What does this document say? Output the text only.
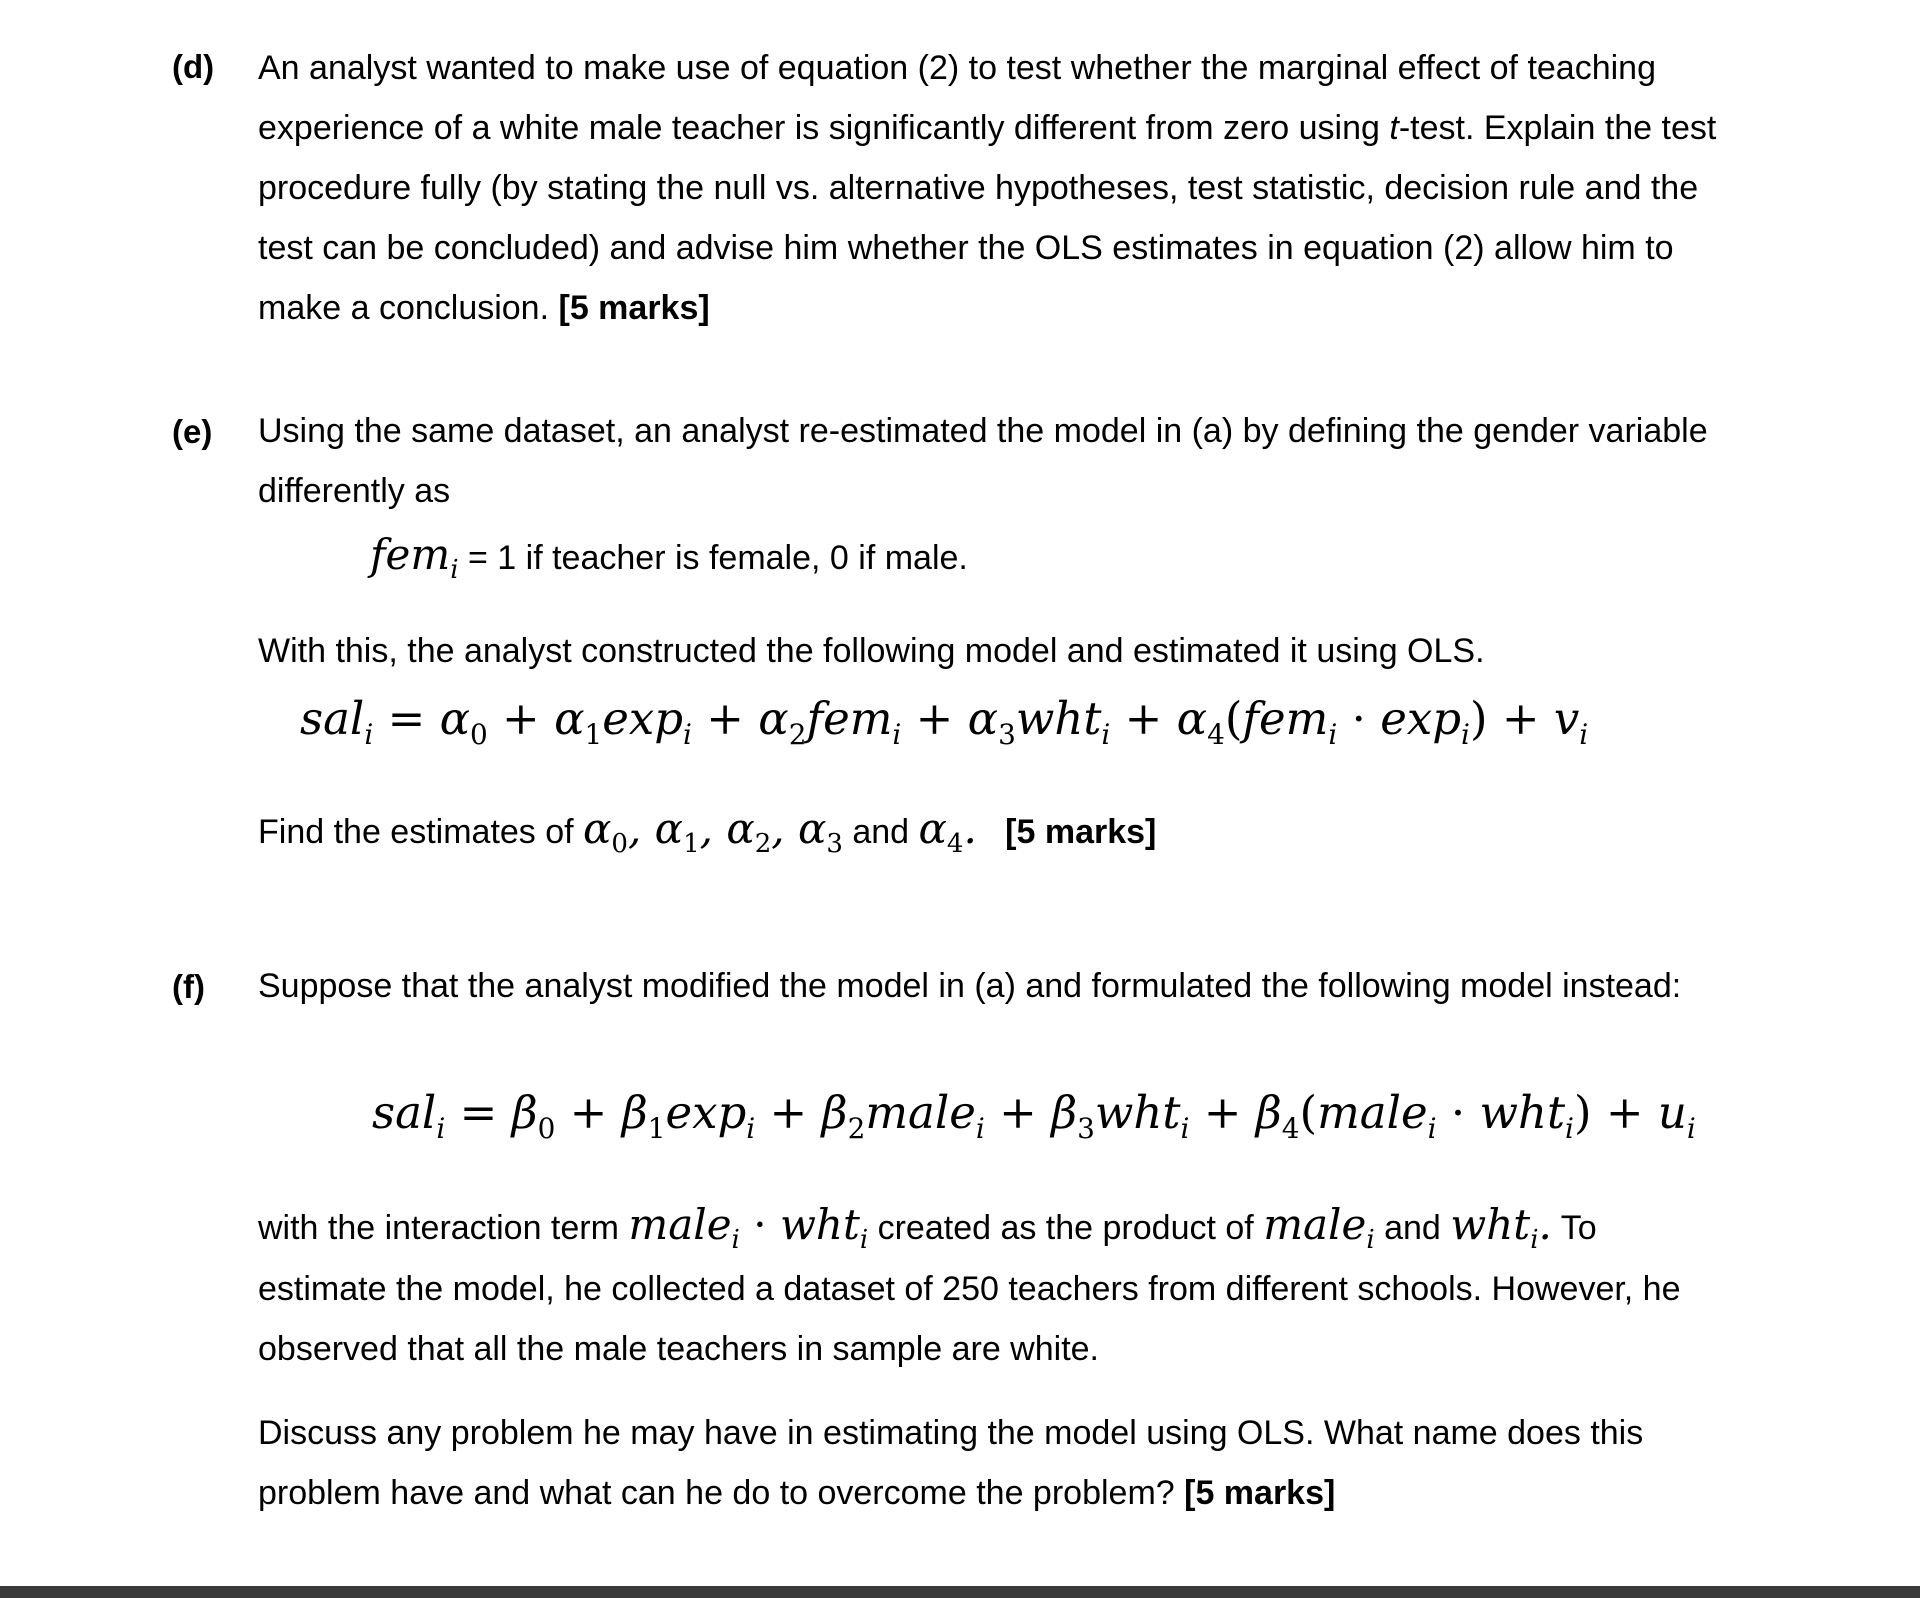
(d) An analyst wanted to make use of equation (2) to test whether the marginal effect of teaching experience of a white male teacher is significantly different from zero using t-test. Explain the test procedure fully (by stating the null vs. alternative hypotheses, test statistic, decision rule and the test can be concluded) and advise him whether the OLS estimates in equation (2) allow him to make a conclusion. [5 marks]
(e) Using the same dataset, an analyst re-estimated the model in (a) by defining the gender variable differently as
fem$_i$ = 1 if teacher is female, 0 if male.
With this, the analyst constructed the following model and estimated it using OLS.
$sal_i = \alpha_0 + \alpha_1\exp_i + \alpha_2fem_i + \alpha_3wht_i + \alpha_4(fem_i \cdot \exp_i) + v_i$
Find the estimates of $\alpha_0$, $\alpha_1$, $\alpha_2$, $\alpha_3$ and $\alpha_4$. [5 marks]
(f) Suppose that the analyst modified the model in (a) and formulated the following model instead:
$sal_i = \beta_0 + \beta_1\exp_i$ + $\beta_2male_i + \beta_3wht_i$ + $\beta_4(male_i \cdot wht_i) + u_i$
with the interaction term male$_i$ · wht$_i$ created as the product of male$_i$ and wht$_i$. To
estimate the model, he collected a dataset of 250 teachers from different schools. However, he observed that all the male teachers in sample are white.
Discuss any problem he may have in estimating the model using OLS. What name does this problem have and what can he do to overcome the problem? [5 marks]
